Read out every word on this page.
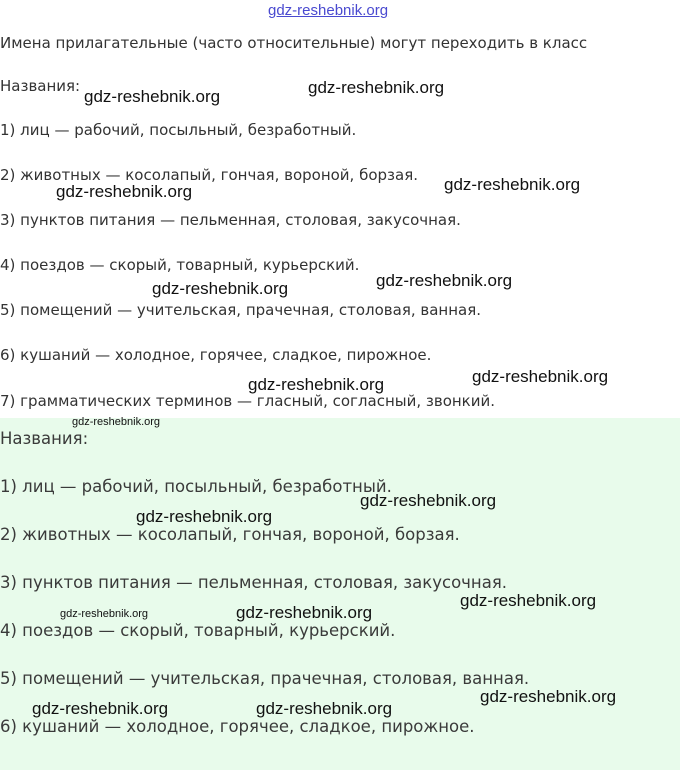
gdz-reshebnik.org
Имена прилагательные (часто относительные) могут переходить в класс
Названия:
1) лиц — рабочий, посыльный, безработный.
2) животных — косолапый, гончая, вороной, борзая.
3) пунктов питания — пельменная, столовая, закусочная.
4) поездов — скорый, товарный, курьерский.
5) помещений — учительская, прачечная, столовая, ванная.
6) кушаний — холодное, горячее, сладкое, пирожное.
7) грамматических терминов — гласный, согласный, звонкий.
Названия:
1) лиц — рабочий, посыльный, безработный.
2) животных — косолапый, гончая, вороной, борзая.
3) пунктов питания — пельменная, столовая, закусочная.
4) поездов — скорый, товарный, курьерский.
5) помещений — учительская, прачечная, столовая, ванная.
6) кушаний — холодное, горячее, сладкое, пирожное.
gdz-reshebnik.org	gdz-reshebnik.org
gdz-reshebnik.org	gdz-reshebnik.org
gdz-reshebnik.org
gdz-reshebnik.org
gdz-reshebnik.org	gdz-reshebnik.org
gdz-reshebnik.org
gdz-reshebnik.org
gdz-reshebnik.org
gdz-reshebnik.org
gdz-reshebnik.org	gdz-reshebnik.org
gdz-reshebnik.org
gdz-reshebnik.org	gdz-reshebnik.org
